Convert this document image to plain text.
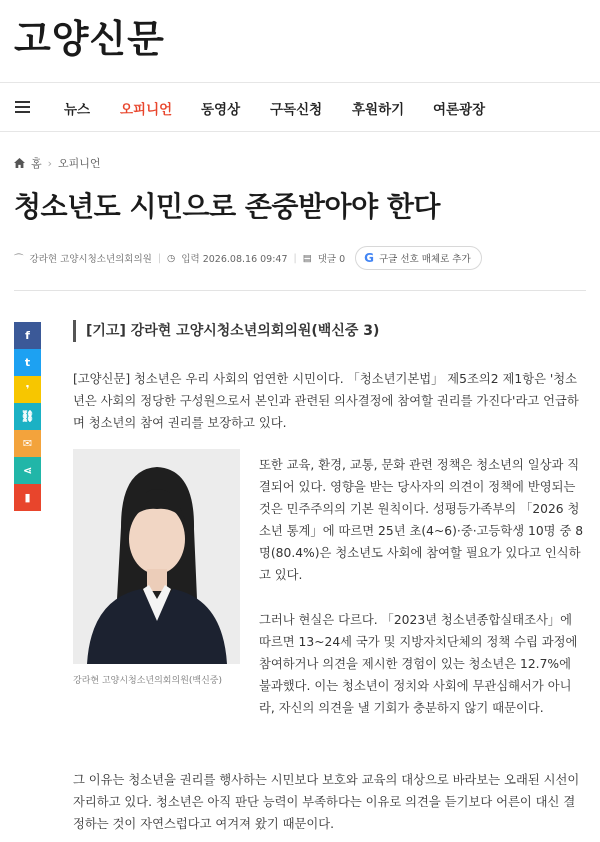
고양신문
뉴스 오피니언 동영상 구독신청 후원하기 여론광장
홈 › 오피니언
청소년도 시민으로 존중받아야 한다
⌒ 강라현 고양시청소년의회의원 | ◷ 입력 2026.08.16 09:47 | ▤ 댓글 0 G 구글 선호 매체로 추가
f
t
❜
⛓
✉
⋖
▮
[기고] 강라현 고양시청소년의회의원(백신중 3)

[고양신문] 청소년은 우리 사회의 엄연한 시민이다. 「청소년기본법」 제5조의2 제1항은 '청소년은 사회의 정당한 구성원으로서 본인과 관련된 의사결정에 참여할 권리를 가진다'라고 언급하며 청소년의 참여 권리를 보장하고 있다.

강라현 고양시청소년의회의원(백신중)

또한 교육, 환경, 교통, 문화 관련 정책은 청소년의 일상과 직결되어 있다. 영향을 받는 당사자의 의견이 정책에 반영되는 것은 민주주의의 기본 원칙이다. 성평등가족부의 「2026 청소년 통계」에 따르면 25년 초(4~6)·중·고등학생 10명 중 8명(80.4%)은 청소년도 사회에 참여할 필요가 있다고 인식하고 있다.

그러나 현실은 다르다. 「2023년 청소년종합실태조사」에 따르면 13~24세 국가 및 지방자치단체의 정책 수립 과정에 참여하거나 의견을 제시한 경험이 있는 청소년은 12.7%에 불과했다. 이는 청소년이 정치와 사회에 무관심해서가 아니라, 자신의 의견을 낼 기회가 충분하지 않기 때문이다.

그 이유는 청소년을 권리를 행사하는 시민보다 보호와 교육의 대상으로 바라보는 오래된 시선이 자리하고 있다. 청소년은 아직 판단 능력이 부족하다는 이유로 의견을 듣기보다 어른이 대신 결정하는 것이 자연스럽다고 여겨져 왔기 때문이다.
